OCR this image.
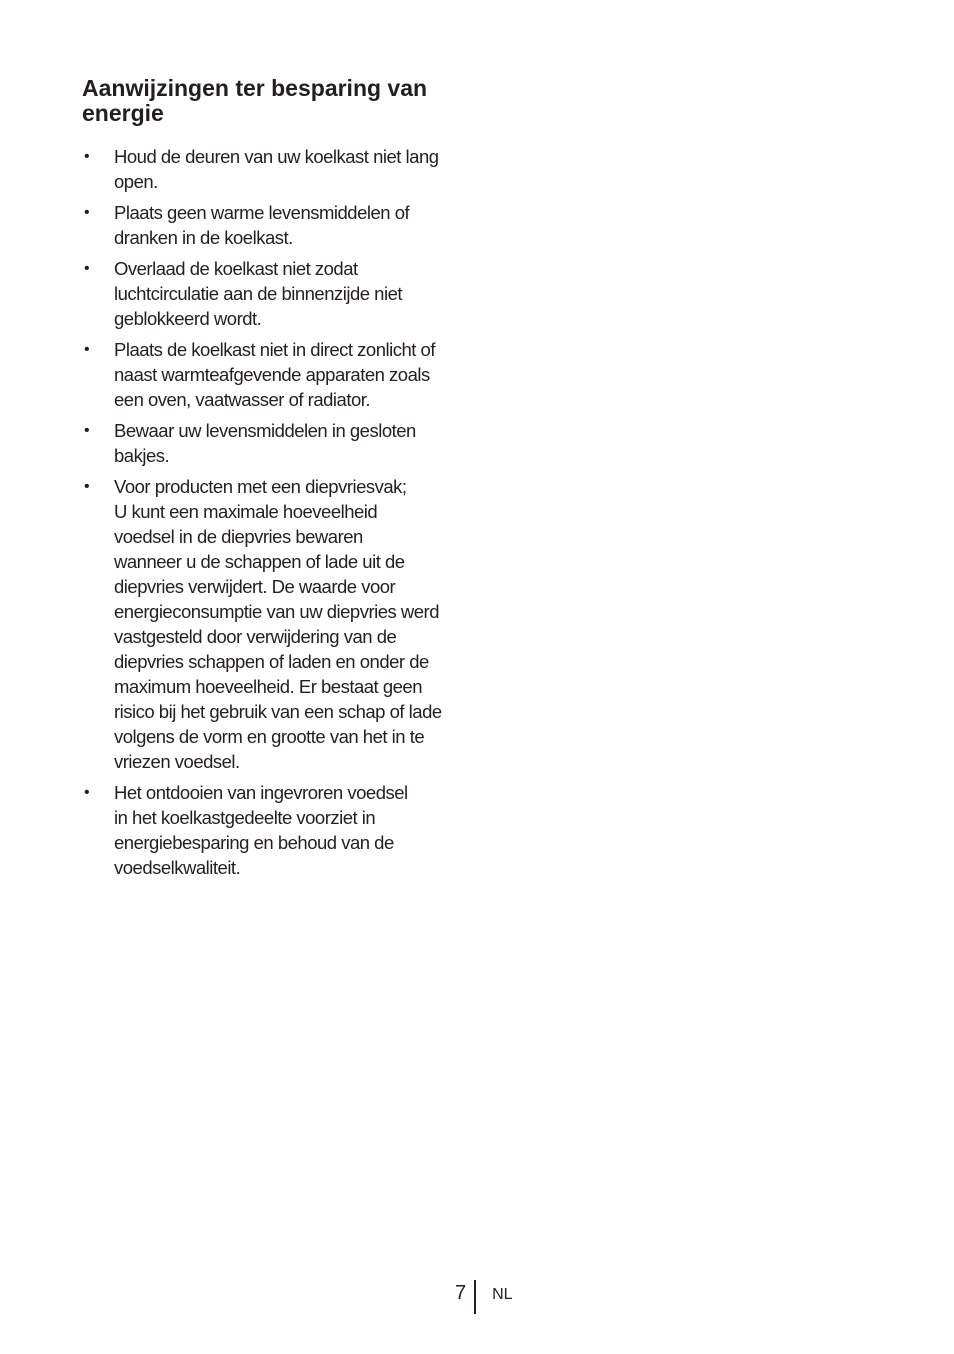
Aanwijzingen ter besparing van
energie
• Houd de deuren van uw koelkast niet lang
open.
• Plaats geen warme levensmiddelen of
dranken in de koelkast.
• Overlaad de koelkast niet zodat
luchtcirculatie aan de binnenzijde niet
geblokkeerd wordt.
• Plaats de koelkast niet in direct zonlicht of
naast warmteafgevende apparaten zoals
een oven, vaatwasser of radiator.
• Bewaar uw levensmiddelen in gesloten
bakjes.
• Voor producten met een diepvriesvak;
U kunt een maximale hoeveelheid
voedsel in de diepvries bewaren
wanneer u de schappen of lade uit de
diepvries verwijdert. De waarde voor
energieconsumptie van uw diepvries werd
vastgesteld door verwijdering van de
diepvries schappen of laden en onder de
maximum hoeveelheid. Er bestaat geen
risico bij het gebruik van een schap of lade
volgens de vorm en grootte van het in te
vriezen voedsel.
• Het ontdooien van ingevroren voedsel
in het koelkastgedeelte voorziet in
energiebesparing en behoud van de
voedselkwaliteit.
7	NL
